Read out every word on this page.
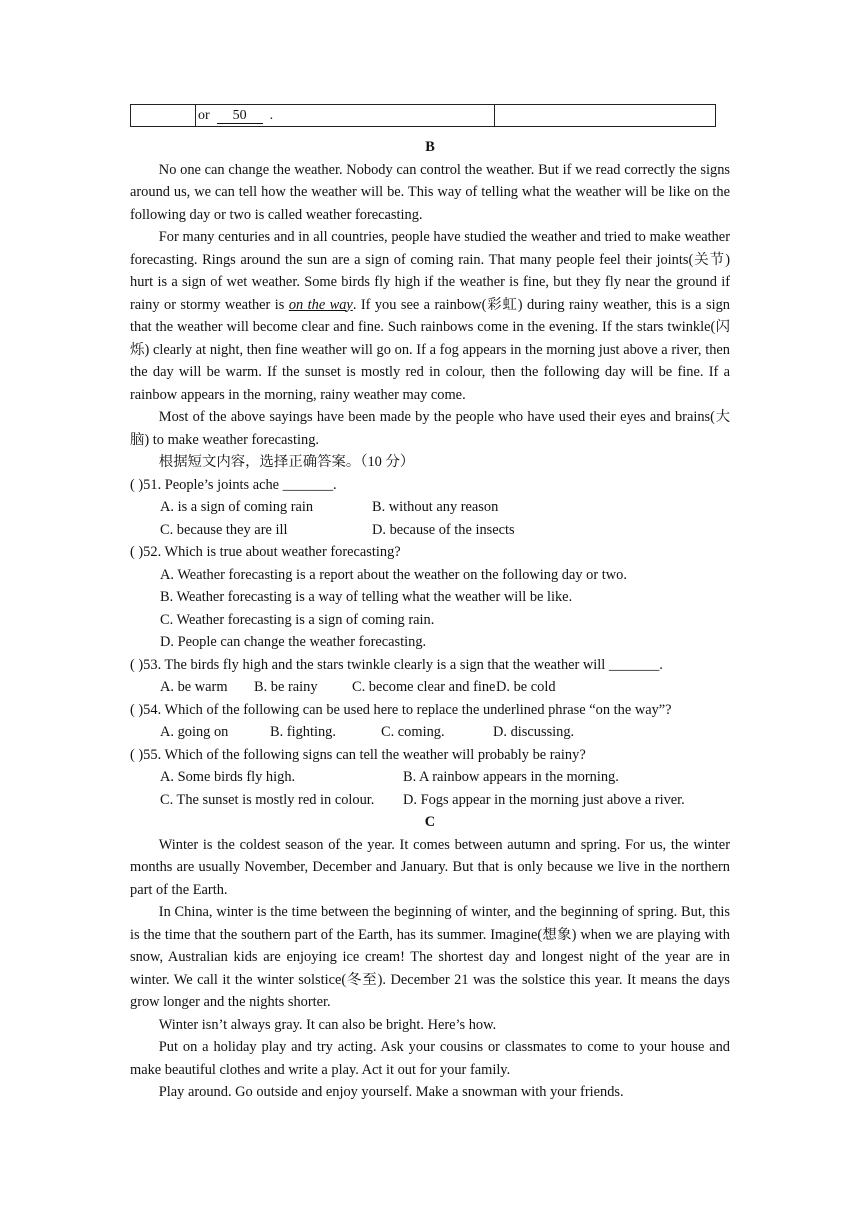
	or 50 .	
B

No one can change the weather. Nobody can control the weather. But if we read correctly the signs around us, we can tell how the weather will be. This way of telling what the weather will be like on the following day or two is called weather forecasting.

For many centuries and in all countries, people have studied the weather and tried to make weather forecasting. Rings around the sun are a sign of coming rain. That many people feel their joints(关节) hurt is a sign of wet weather. Some birds fly high if the weather is fine, but they fly near the ground if rainy or stormy weather is on the way. If you see a rainbow(彩虹) during rainy weather, this is a sign that the weather will become clear and fine. Such rainbows come in the evening. If the stars twinkle(闪烁) clearly at night, then fine weather will go on. If a fog appears in the morning just above a river, then the day will be warm. If the sunset is mostly red in colour, then the following day will be fine. If a rainbow appears in the morning, rainy weather may come.

Most of the above sayings have been made by the people who have used their eyes and brains(大脑) to make weather forecasting.

根据短文内容，选择正确答案。（10 分）

( )51. People’s joints ache _______.
A. is a sign of coming rain	B. without any reason
C. because they are ill	D. because of the insects
( )52. Which is true about weather forecasting?
A. Weather forecasting is a report about the weather on the following day or two.
B. Weather forecasting is a way of telling what the weather will be like.
C. Weather forecasting is a sign of coming rain.
D. People can change the weather forecasting.
( )53. The birds fly high and the stars twinkle clearly is a sign that the weather will _______.
A. be warm B. be rainy C. become clear and fineD. be cold
( )54. Which of the following can be used here to replace the underlined phrase “on the way”?
A. going on	B. fighting.	C. coming.	D. discussing.
( )55. Which of the following signs can tell the weather will probably be rainy?
A. Some birds fly high.	B. A rainbow appears in the morning.
C. The sunset is mostly red in colour. D. Fogs appear in the morning just above a river.
C

Winter is the coldest season of the year. It comes between autumn and spring. For us, the winter months are usually November, December and January. But that is only because we live in the northern part of the Earth.

In China, winter is the time between the beginning of winter, and the beginning of spring. But, this is the time that the southern part of the Earth, has its summer. Imagine(想象) when we are playing with snow, Australian kids are enjoying ice cream! The shortest day and longest night of the year are in winter. We call it the winter solstice(冬至). December 21 was the solstice this year. It means the days grow longer and the nights shorter.

Winter isn’t always gray. It can also be bright. Here’s how.

Put on a holiday play and try acting. Ask your cousins or classmates to come to your house and make beautiful clothes and write a play. Act it out for your family.

Play around. Go outside and enjoy yourself. Make a snowman with your friends.
